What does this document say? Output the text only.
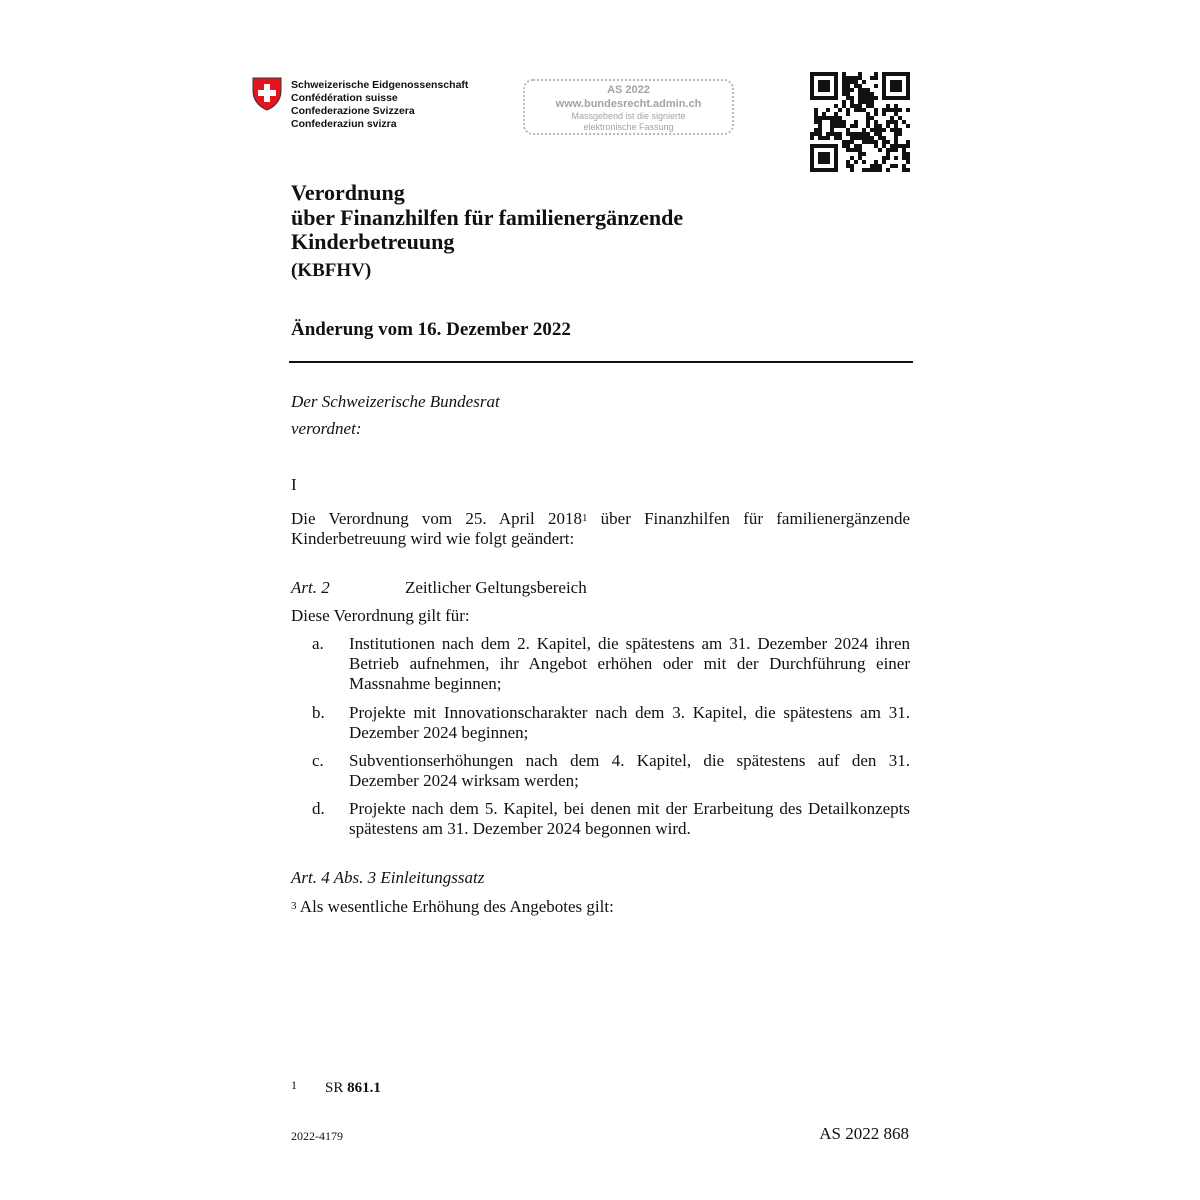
Schweizerische Eidgenossenschaft
Confédération suisse
Confederazione Svizzera
Confederaziun svizra
AS 2022
www.bundesrecht.admin.ch
Massgebend ist die signierte
elektronische Fassung
Verordnung
über Finanzhilfen für familienergänzende
Kinderbetreuung
(KBFHV)
Änderung vom 16. Dezember 2022
Der Schweizerische Bundesrat
verordnet:
I
Die Verordnung vom 25. April 2018$^1$ über Finanzhilfen für familienergänzende Kinderbetreuung wird wie folgt geändert:
Art. 2	Zeitlicher Geltungsbereich
Diese Verordnung gilt für:
a. Institutionen nach dem 2. Kapitel, die spätestens am 31. Dezember 2024 ihren Betrieb aufnehmen, ihr Angebot erhöhen oder mit der Durchführung einer Massnahme beginnen;
b. Projekte mit Innovationscharakter nach dem 3. Kapitel, die spätestens am 31. Dezember 2024 beginnen;
c. Subventionserhöhungen nach dem 4. Kapitel, die spätestens auf den 31. Dezember 2024 wirksam werden;
d. Projekte nach dem 5. Kapitel, bei denen mit der Erarbeitung des Detailkonzepts spätestens am 31. Dezember 2024 begonnen wird.
Art. 4 Abs. 3 Einleitungssatz
$^3$ Als wesentliche Erhöhung des Angebotes gilt:
1 SR 861.1
2022-4179	AS 2022 868
